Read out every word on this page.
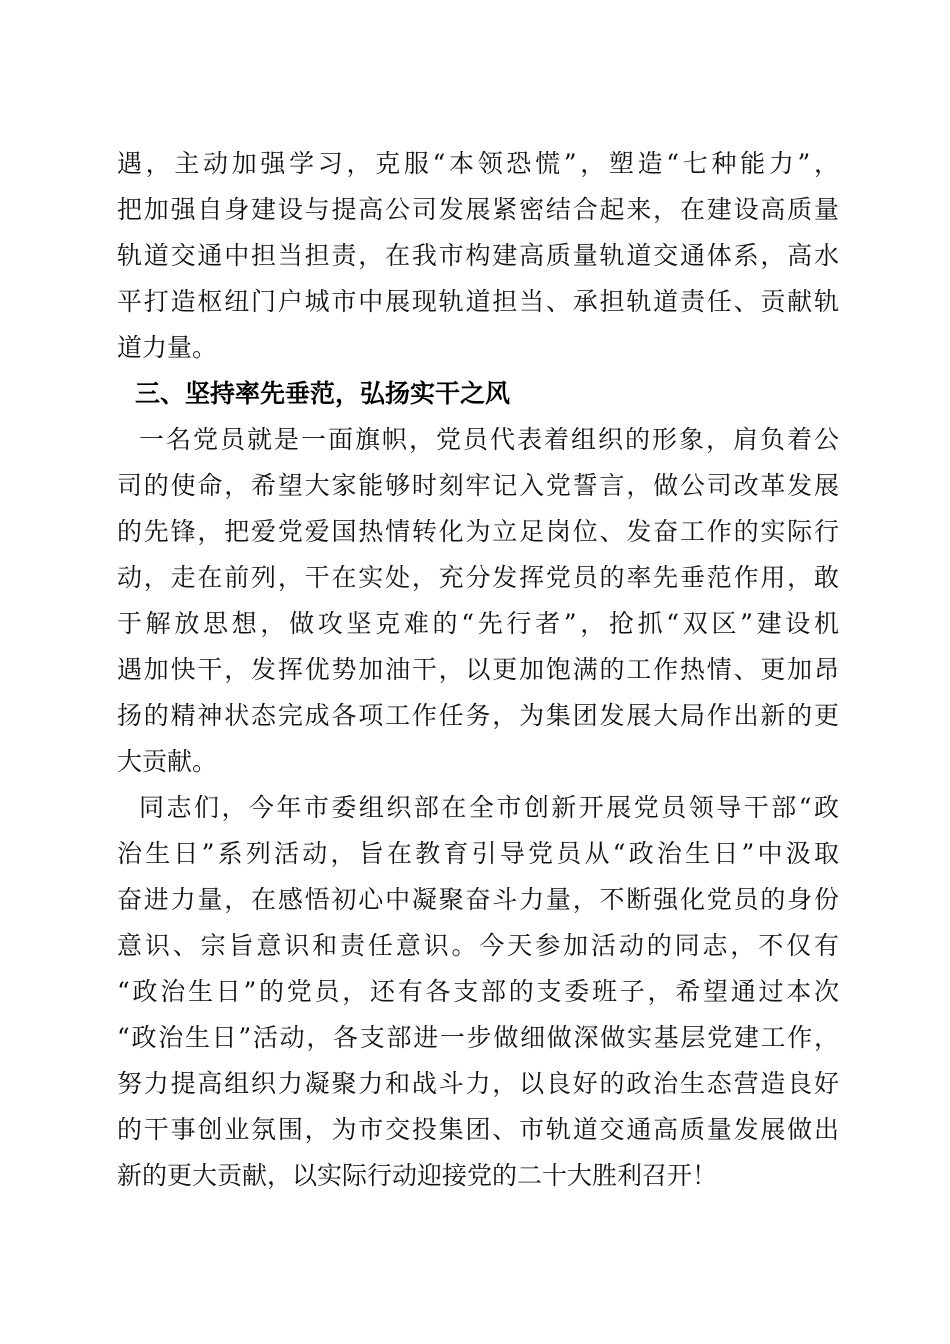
遇，主动加强学习，克服“本领恐慌”，塑造“七种能力”，
把加强自身建设与提高公司发展紧密结合起来，在建设高质量
轨道交通中担当担责，在我市构建高质量轨道交通体系，高水
平打造枢纽门户城市中展现轨道担当、承担轨道责任、贡献轨
道力量。
三、坚持率先垂范，弘扬实干之风
一名党员就是一面旗帜，党员代表着组织的形象，肩负着公
司的使命，希望大家能够时刻牢记入党誓言，做公司改革发展
的先锋，把爱党爱国热情转化为立足岗位、发奋工作的实际行
动，走在前列，干在实处，充分发挥党员的率先垂范作用，敢
于解放思想，做攻坚克难的“先行者”，抢抓“双区”建设机
遇加快干，发挥优势加油干，以更加饱满的工作热情、更加昂
扬的精神状态完成各项工作任务，为集团发展大局作出新的更
大贡献。
同志们，今年市委组织部在全市创新开展党员领导干部“政
治生日”系列活动，旨在教育引导党员从“政治生日”中汲取
奋进力量，在感悟初心中凝聚奋斗力量，不断强化党员的身份
意识、宗旨意识和责任意识。今天参加活动的同志，不仅有
“政治生日”的党员，还有各支部的支委班子，希望通过本次
“政治生日”活动，各支部进一步做细做深做实基层党建工作，
努力提高组织力凝聚力和战斗力，以良好的政治生态营造良好
的干事创业氛围，为市交投集团、市轨道交通高质量发展做出
新的更大贡献，以实际行动迎接党的二十大胜利召开！
